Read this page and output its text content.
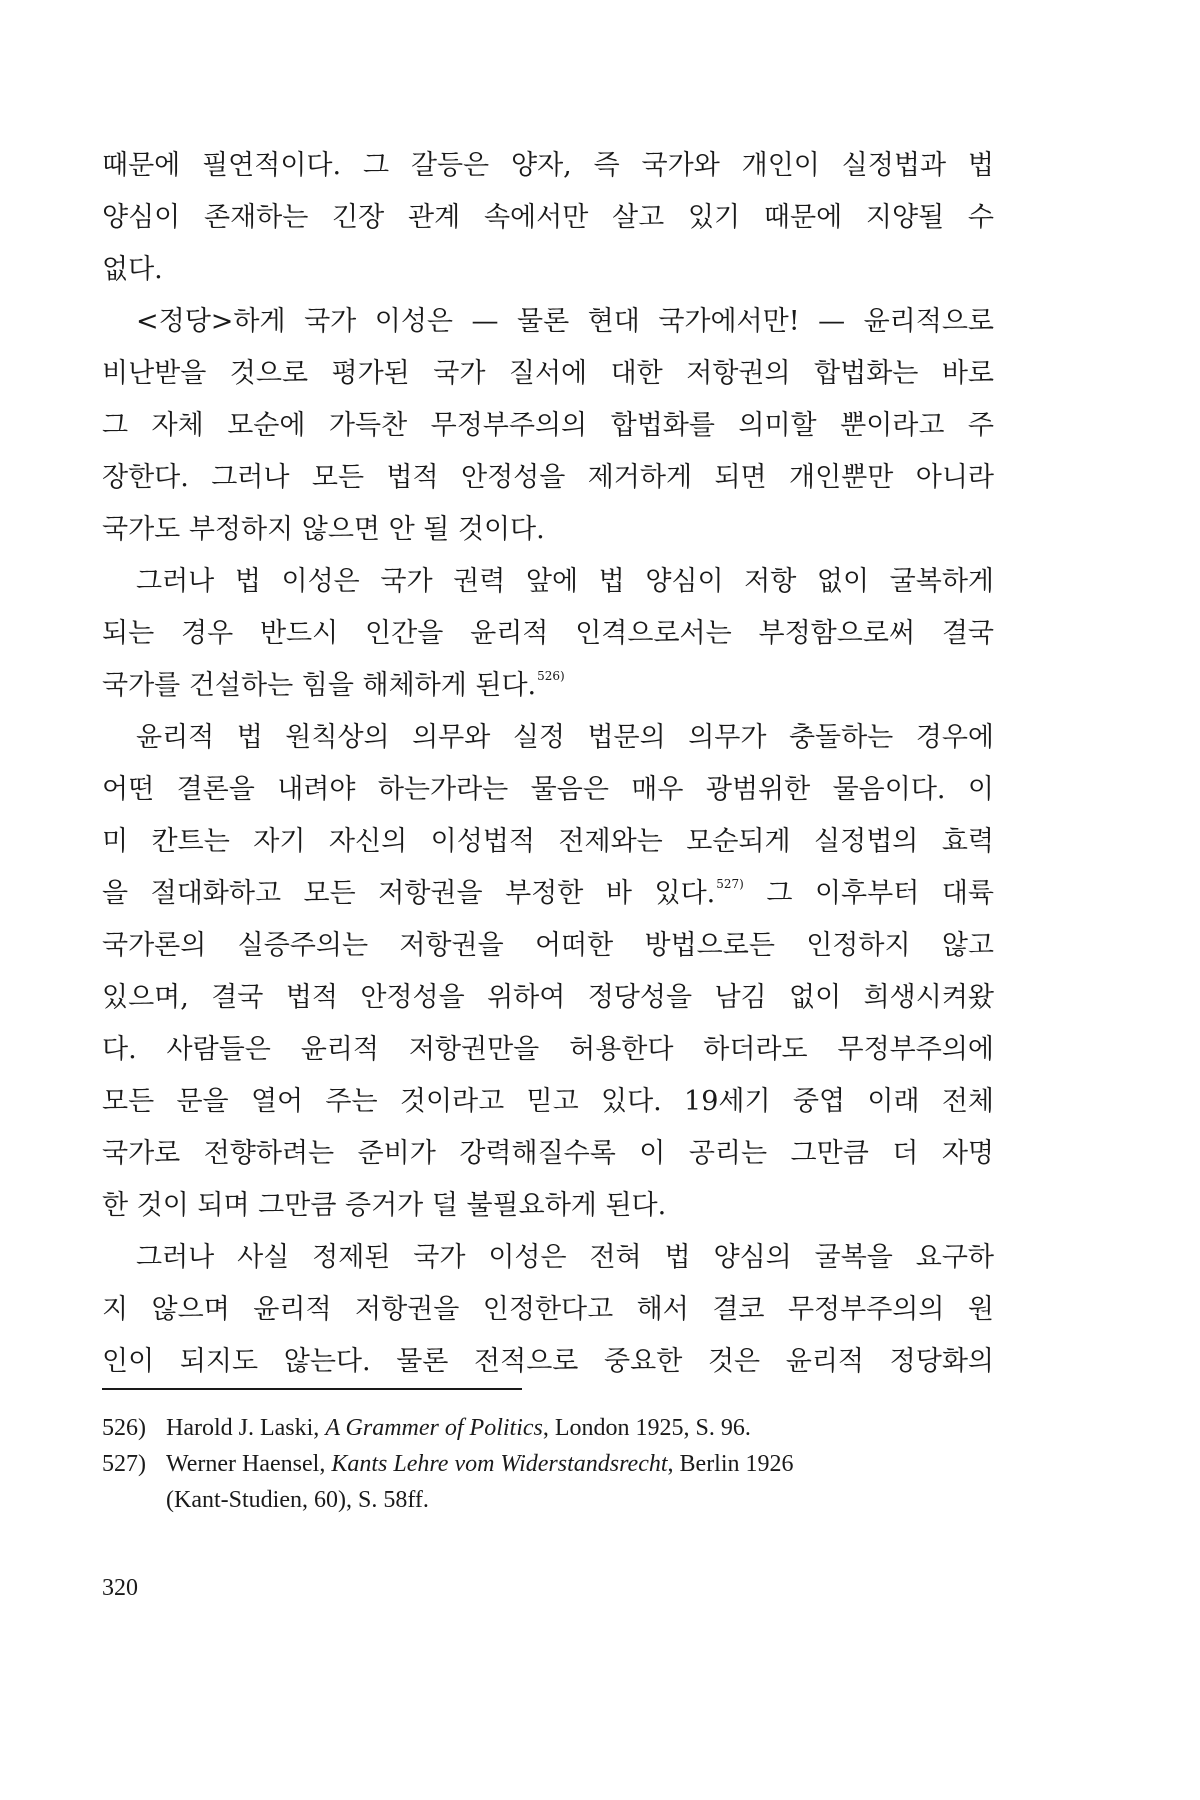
때문에 필연적이다. 그 갈등은 양자, 즉 국가와 개인이 실정법과 법
양심이 존재하는 긴장 관계 속에서만 살고 있기 때문에 지양될 수
없다.
<정당>하게 국가 이성은 — 물론 현대 국가에서만! — 윤리적으로
비난받을 것으로 평가된 국가 질서에 대한 저항권의 합법화는 바로
그 자체 모순에 가득찬 무정부주의의 합법화를 의미할 뿐이라고 주
장한다. 그러나 모든 법적 안정성을 제거하게 되면 개인뿐만 아니라
국가도 부정하지 않으면 안 될 것이다.
그러나 법 이성은 국가 권력 앞에 법 양심이 저항 없이 굴복하게
되는 경우 반드시 인간을 윤리적 인격으로서는 부정함으로써 결국
국가를 건설하는 힘을 해체하게 된다.$^{526)}$
윤리적 법 원칙상의 의무와 실정 법문의 의무가 충돌하는 경우에
어떤 결론을 내려야 하는가라는 물음은 매우 광범위한 물음이다. 이
미 칸트는 자기 자신의 이성법적 전제와는 모순되게 실정법의 효력
을 절대화하고 모든 저항권을 부정한 바 있다.$^{527)}$ 그 이후부터 대륙
국가론의 실증주의는 저항권을 어떠한 방법으로든 인정하지 않고
있으며, 결국 법적 안정성을 위하여 정당성을 남김 없이 희생시켜왔
다. 사람들은 윤리적 저항권만을 허용한다 하더라도 무정부주의에
모든 문을 열어 주는 것이라고 믿고 있다. 19세기 중엽 이래 전체
국가로 전향하려는 준비가 강력해질수록 이 공리는 그만큼 더 자명
한 것이 되며 그만큼 증거가 덜 불필요하게 된다.
그러나 사실 정제된 국가 이성은 전혀 법 양심의 굴복을 요구하
지 않으며 윤리적 저항권을 인정한다고 해서 결코 무정부주의의 원
인이 되지도 않는다. 물론 전적으로 중요한 것은 윤리적 정당화의
526) Harold J. Laski, A Grammer of Politics, London 1925, S. 96.
527) Werner Haensel, Kants Lehre vom Widerstandsrecht, Berlin 1926
(Kant-Studien, 60), S. 58ff.
320
